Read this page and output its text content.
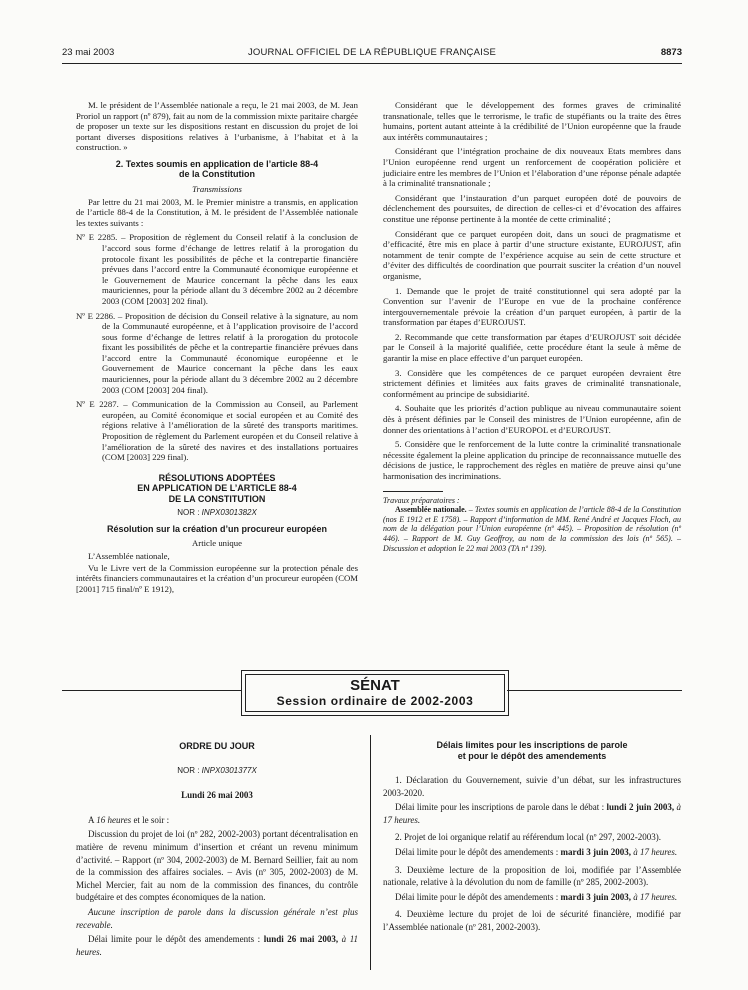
23 mai 2003	JOURNAL OFFICIEL DE LA RÉPUBLIQUE FRANÇAISE	8873

M. le président de l’Assemblée nationale a reçu, le 21 mai 2003, de M. Jean Proriol un rapport (nº 879), fait au nom de la commission mixte paritaire chargée de proposer un texte sur les dispositions restant en discussion du projet de loi portant diverses dispositions relatives à l’urbanisme, à l’habitat et à la construction. »

2. Textes soumis en application de l’article 88-4
de la Constitution

Transmissions

Par lettre du 21 mai 2003, M. le Premier ministre a transmis, en application de l’article 88-4 de la Constitution, à M. le président de l’Assemblée nationale les textes suivants :

Nº E 2285. – Proposition de règlement du Conseil relatif à la conclusion de l’accord sous forme d’échange de lettres relatif à la prorogation du protocole fixant les possibilités de pêche et la contrepartie financière prévues dans l’accord entre la Communauté économique européenne et le Gouvernement de Maurice concernant la pêche dans les eaux mauriciennes, pour la période allant du 3 décembre 2002 au 2 décembre 2003 (COM [2003] 202 final).
Nº E 2286. – Proposition de décision du Conseil relative à la signature, au nom de la Communauté européenne, et à l’application provisoire de l’accord sous forme d’échange de lettres relatif à la prorogation du protocole fixant les possibilités de pêche et la contrepartie financière prévues dans l’accord entre la Communauté économique européenne et le Gouvernement de Maurice concernant la pêche dans les eaux mauriciennes, pour la période allant du 3 décembre 2002 au 2 décembre 2003 (COM [2003] 204 final).
Nº E 2287. – Communication de la Commission au Conseil, au Parlement européen, au Comité économique et social européen et au Comité des régions relative à l’amélioration de la sûreté des transports maritimes. Proposition de règlement du Parlement européen et du Conseil relative à l’amélioration de la sûreté des navires et des installations portuaires (COM [2003] 229 final).
RÉSOLUTIONS ADOPTÉES
EN APPLICATION DE L’ARTICLE 88-4
DE LA CONSTITUTION

NOR : INPX0301382X

Résolution sur la création d’un procureur européen

Article unique

L’Assemblée nationale,

Vu le Livre vert de la Commission européenne sur la protection pénale des intérêts financiers communautaires et la création d’un procureur européen (COM [2001] 715 final/nº E 1912),

Considérant que le développement des formes graves de criminalité transnationale, telles que le terrorisme, le trafic de stupéfiants ou la traite des êtres humains, portent autant atteinte à la crédibilité de l’Union européenne que la fraude aux intérêts communautaires ;

Considérant que l’intégration prochaine de dix nouveaux Etats membres dans l’Union européenne rend urgent un renforcement de coopération policière et judiciaire entre les membres de l’Union et l’élaboration d’une réponse pénale adaptée à la criminalité transnationale ;

Considérant que l’instauration d’un parquet européen doté de pouvoirs de déclenchement des poursuites, de direction de celles-ci et d’évocation des affaires constitue une réponse pertinente à la montée de cette criminalité ;

Considérant que ce parquet européen doit, dans un souci de pragmatisme et d’efficacité, être mis en place à partir d’une structure existante, EUROJUST, afin notamment de tenir compte de l’expérience acquise au sein de cette structure et d’éviter des difficultés de coordination que pourrait susciter la création d’un nouvel organisme,

1. Demande que le projet de traité constitutionnel qui sera adopté par la Convention sur l’avenir de l’Europe en vue de la prochaine conférence intergouvernementale prévoie la création d’un parquet européen, à partir de la transformation par étapes d’EUROJUST.

2. Recommande que cette transformation par étapes d’EUROJUST soit décidée par le Conseil à la majorité qualifiée, cette procédure étant la seule à même de garantir la mise en place effective d’un parquet européen.

3. Considère que les compétences de ce parquet européen devraient être strictement définies et limitées aux faits graves de criminalité transnationale, conformément au principe de subsidiarité.

4. Souhaite que les priorités d’action publique au niveau communautaire soient dès à présent définies par le Conseil des ministres de l’Union européenne, afin de donner des orientations à l’action d’EUROPOL et d’EUROJUST.

5. Considère que le renforcement de la lutte contre la criminalité transnationale nécessite également la pleine application du principe de reconnaissance mutuelle des décisions de justice, le rapprochement des règles en matière de preuve ainsi qu’une harmonisation des incriminations.

Travaux préparatoires :
Assemblée nationale. – Textes soumis en application de l’article 88-4 de la Constitution (nos E 1912 et E 1758). – Rapport d’information de MM. René André et Jacques Floch, au nom de la délégation pour l’Union européenne (nº 445). – Proposition de résolution (nº 446). – Rapport de M. Guy Geoffroy, au nom de la commission des lois (nº 565). – Discussion et adoption le 22 mai 2003 (TA nº 139).
SÉNAT
Session ordinaire de 2002-2003

ORDRE DU JOUR

NOR : INPX0301377X

Lundi 26 mai 2003

A 16 heures et le soir :

Discussion du projet de loi (nº 282, 2002-2003) portant décentralisation en matière de revenu minimum d’insertion et créant un revenu minimum d’activité. – Rapport (nº 304, 2002-2003) de M. Bernard Seillier, fait au nom de la commission des affaires sociales. – Avis (nº 305, 2002-2003) de M. Michel Mercier, fait au nom de la commission des finances, du contrôle budgétaire et des comptes économiques de la nation.

Aucune inscription de parole dans la discussion générale n’est plus recevable.

Délai limite pour le dépôt des amendements : lundi 26 mai 2003, à 11 heures.

Délais limites pour les inscriptions de parole
et pour le dépôt des amendements

1. Déclaration du Gouvernement, suivie d’un débat, sur les infrastructures 2003-2020.

Délai limite pour les inscriptions de parole dans le débat : lundi 2 juin 2003, à 17 heures.

2. Projet de loi organique relatif au référendum local (nº 297, 2002-2003).

Délai limite pour le dépôt des amendements : mardi 3 juin 2003, à 17 heures.

3. Deuxième lecture de la proposition de loi, modifiée par l’Assemblée nationale, relative à la dévolution du nom de famille (nº 285, 2002-2003).

Délai limite pour le dépôt des amendements : mardi 3 juin 2003, à 17 heures.

4. Deuxième lecture du projet de loi de sécurité financière, modifié par l’Assemblée nationale (nº 281, 2002-2003).
